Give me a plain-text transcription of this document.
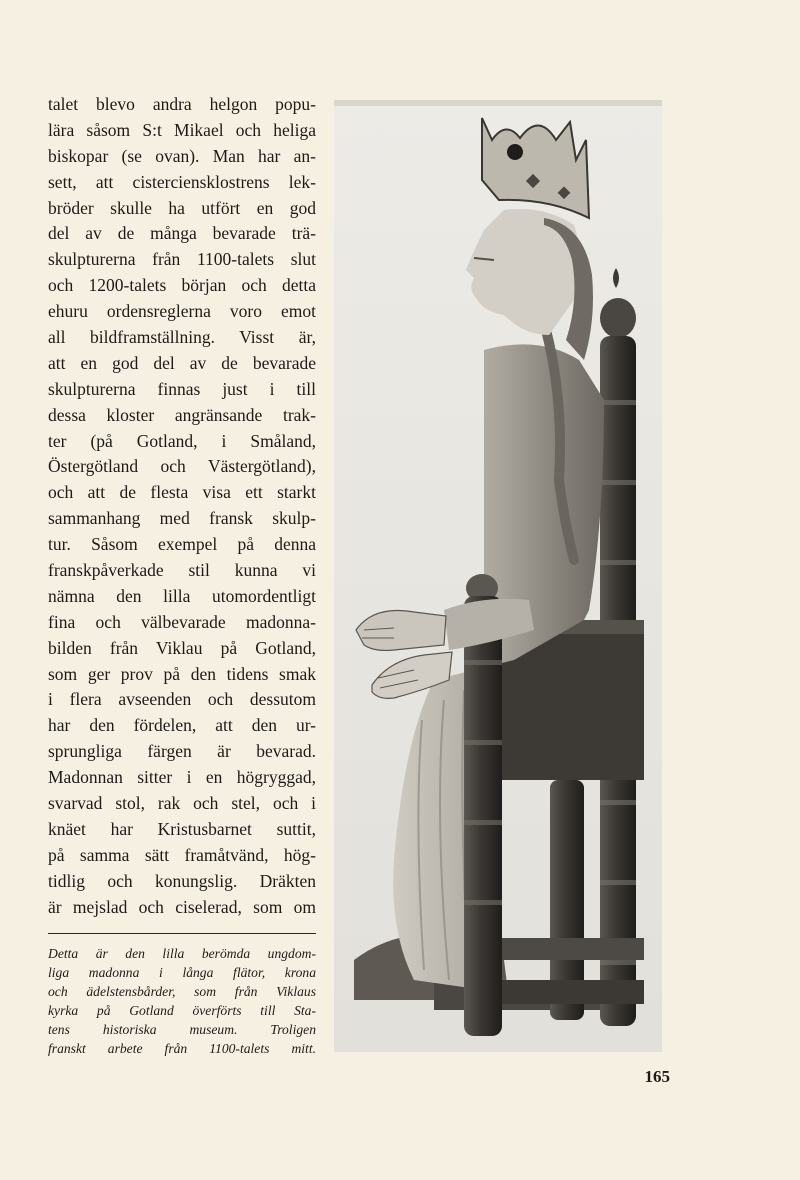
talet blevo andra helgon popu-
lära såsom S:t Mikael och heliga
biskopar (se ovan). Man har an-
sett, att cisterciensklostrens lek-
bröder skulle ha utfört en god
del av de många bevarade trä-
skulpturerna från 1100-talets slut
och 1200-talets början och detta
ehuru ordensreglerna voro emot
all bildframställning. Visst är,
att en god del av de bevarade
skulpturerna finnas just i till
dessa kloster angränsande trak-
ter (på Gotland, i Småland,
Östergötland och Västergötland),
och att de flesta visa ett starkt
sammanhang med fransk skulp-
tur. Såsom exempel på denna
franskpåverkade stil kunna vi
nämna den lilla utomordentligt
fina och välbevarade madonna-
bilden från Viklau på Gotland,
som ger prov på den tidens smak
i flera avseenden och dessutom
har den fördelen, att den ur-
sprungliga färgen är bevarad.
Madonnan sitter i en högryggad,
svarvad stol, rak och stel, och i
knäet har Kristusbarnet suttit,
på samma sätt framåtvänd, hög-
tidlig och konungslig. Dräkten
är mejslad och ciselerad, som om
Detta är den lilla berömda ungdom-
liga madonna i långa flätor, krona
och ädelstensbårder, som från Viklaus
kyrka på Gotland överförts till Sta-
tens historiska museum. Troligen
franskt arbete från 1100-talets mitt.
165
